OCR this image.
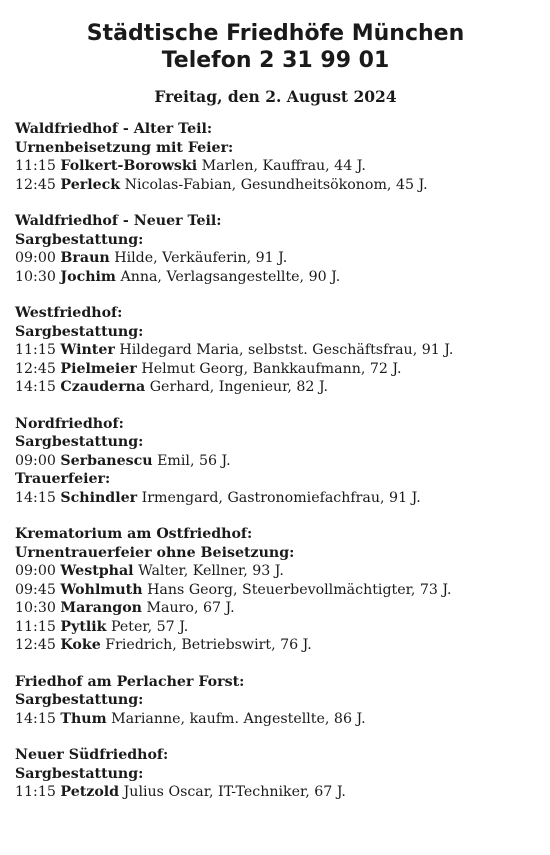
Städtische Friedhöfe München
Telefon 2 31 99 01
Freitag, den 2. August 2024
Waldfriedhof - Alter Teil:
Urnenbeisetzung mit Feier:
11:15 Folkert-Borowski Marlen, Kauffrau, 44 J.
12:45 Perleck Nicolas-Fabian, Gesundheitsökonom, 45 J.
Waldfriedhof - Neuer Teil:
Sargbestattung:
09:00 Braun Hilde, Verkäuferin, 91 J.
10:30 Jochim Anna, Verlagsangestellte, 90 J.
Westfriedhof:
Sargbestattung:
11:15 Winter Hildegard Maria, selbstst. Geschäftsfrau, 91 J.
12:45 Pielmeier Helmut Georg, Bankkaufmann, 72 J.
14:15 Czauderna Gerhard, Ingenieur, 82 J.
Nordfriedhof:
Sargbestattung:
09:00 Serbanescu Emil, 56 J.
Trauerfeier:
14:15 Schindler Irmengard, Gastronomiefachfrau, 91 J.
Krematorium am Ostfriedhof:
Urnentrauerfeier ohne Beisetzung:
09:00 Westphal Walter, Kellner, 93 J.
09:45 Wohlmuth Hans Georg, Steuerbevollmächtigter, 73 J.
10:30 Marangon Mauro, 67 J.
11:15 Pytlik Peter, 57 J.
12:45 Koke Friedrich, Betriebswirt, 76 J.
Friedhof am Perlacher Forst:
Sargbestattung:
14:15 Thum Marianne, kaufm. Angestellte, 86 J.
Neuer Südfriedhof:
Sargbestattung:
11:15 Petzold Julius Oscar, IT-Techniker, 67 J.
